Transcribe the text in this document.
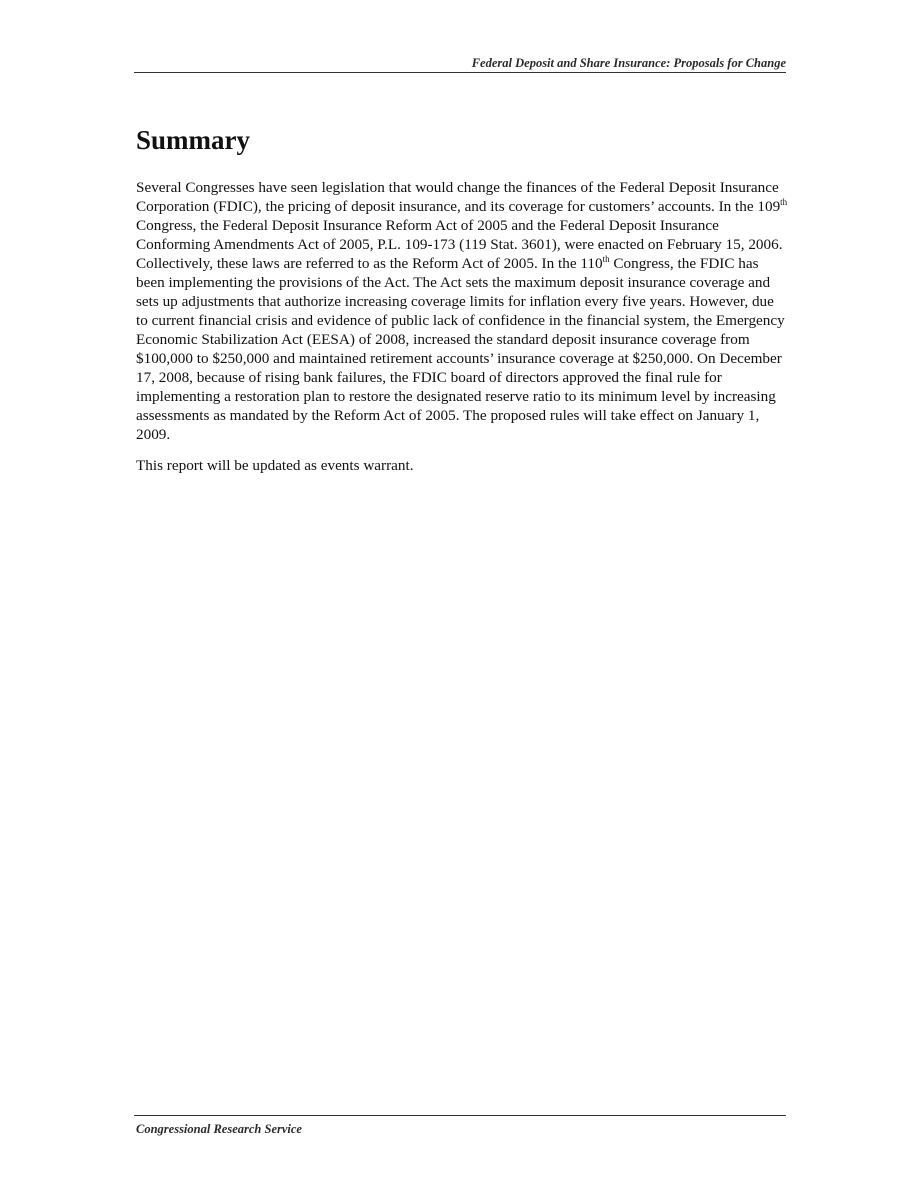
Federal Deposit and Share Insurance: Proposals for Change
Summary

Several Congresses have seen legislation that would change the finances of the Federal Deposit Insurance Corporation (FDIC), the pricing of deposit insurance, and its coverage for customers’ accounts. In the 109th Congress, the Federal Deposit Insurance Reform Act of 2005 and the Federal Deposit Insurance Conforming Amendments Act of 2005, P.L. 109-173 (119 Stat. 3601), were enacted on February 15, 2006. Collectively, these laws are referred to as the Reform Act of 2005. In the 110th Congress, the FDIC has been implementing the provisions of the Act. The Act sets the maximum deposit insurance coverage and sets up adjustments that authorize increasing coverage limits for inflation every five years. However, due to current financial crisis and evidence of public lack of confidence in the financial system, the Emergency Economic Stabilization Act (EESA) of 2008, increased the standard deposit insurance coverage from $100,000 to $250,000 and maintained retirement accounts’ insurance coverage at $250,000. On December 17, 2008, because of rising bank failures, the FDIC board of directors approved the final rule for implementing a restoration plan to restore the designated reserve ratio to its minimum level by increasing assessments as mandated by the Reform Act of 2005. The proposed rules will take effect on January 1, 2009.

This report will be updated as events warrant.

Congressional Research Service
